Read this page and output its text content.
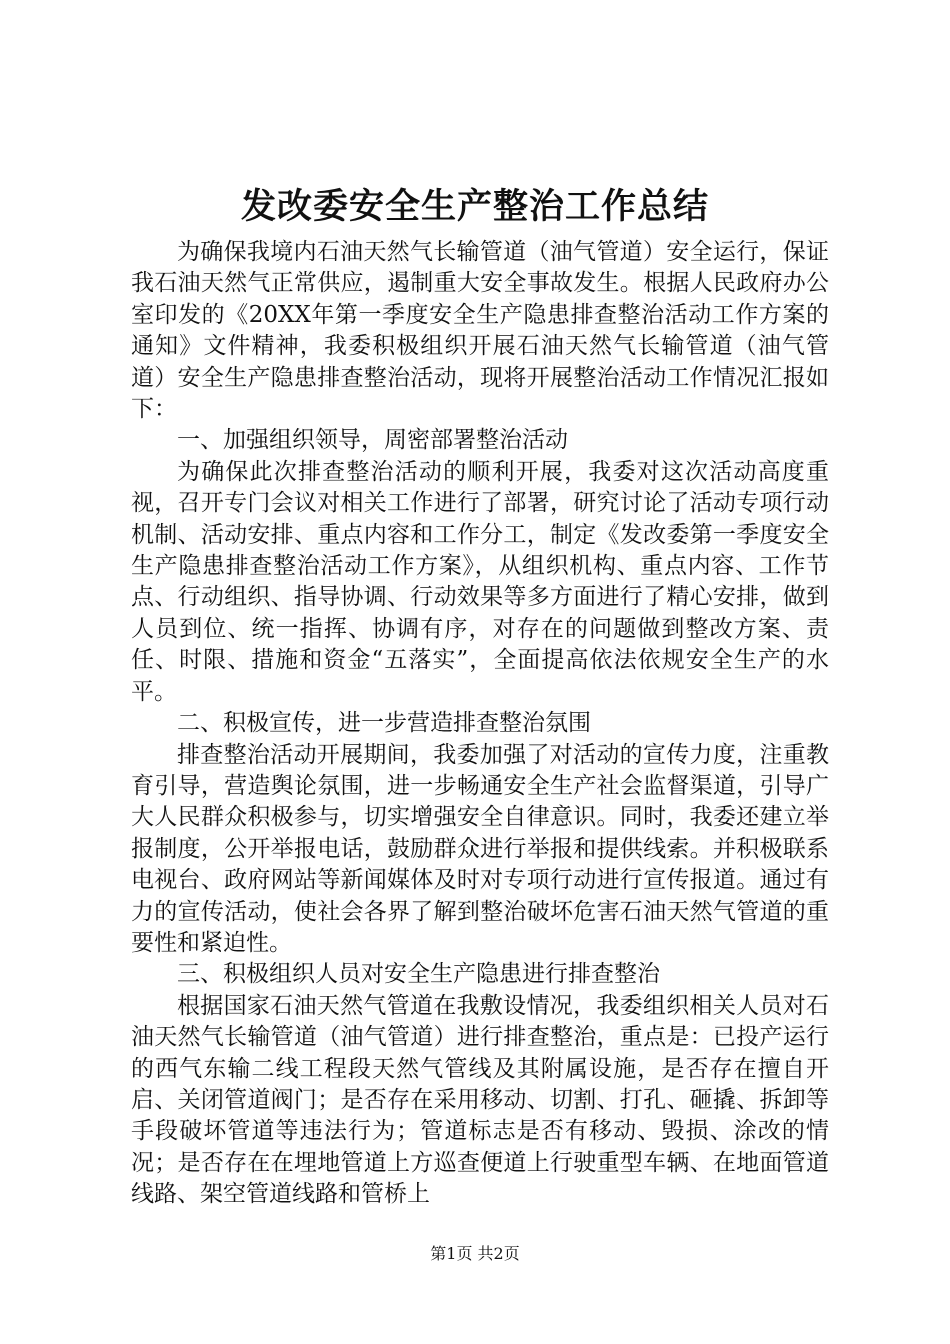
发改委安全生产整治工作总结

为确保我境内石油天然气长输管道（油气管道）安全运行，保证我石油天然气正常供应，遏制重大安全事故发生。根据人民政府办公室印发的《20XX年第一季度安全生产隐患排查整治活动工作方案的通知》文件精神，我委积极组织开展石油天然气长输管道（油气管道）安全生产隐患排查整治活动，现将开展整治活动工作情况汇报如下：

一、加强组织领导，周密部署整治活动

为确保此次排查整治活动的顺利开展，我委对这次活动高度重视，召开专门会议对相关工作进行了部署，研究讨论了活动专项行动机制、活动安排、重点内容和工作分工，制定《发改委第一季度安全生产隐患排查整治活动工作方案》，从组织机构、重点内容、工作节点、行动组织、指导协调、行动效果等多方面进行了精心安排，做到人员到位、统一指挥、协调有序，对存在的问题做到整改方案、责任、时限、措施和资金“五落实”，全面提高依法依规安全生产的水平。

二、积极宣传，进一步营造排查整治氛围

排查整治活动开展期间，我委加强了对活动的宣传力度，注重教育引导，营造舆论氛围，进一步畅通安全生产社会监督渠道，引导广大人民群众积极参与，切实增强安全自律意识。同时，我委还建立举报制度，公开举报电话，鼓励群众进行举报和提供线索。并积极联系电视台、政府网站等新闻媒体及时对专项行动进行宣传报道。通过有力的宣传活动，使社会各界了解到整治破坏危害石油天然气管道的重要性和紧迫性。

三、积极组织人员对安全生产隐患进行排查整治

根据国家石油天然气管道在我敷设情况，我委组织相关人员对石油天然气长输管道（油气管道）进行排查整治，重点是：已投产运行的西气东输二线工程段天然气管线及其附属设施，是否存在擅自开启、关闭管道阀门；是否存在采用移动、切割、打孔、砸撬、拆卸等手段破坏管道等违法行为；管道标志是否有移动、毁损、涂改的情况；是否存在在埋地管道上方巡查便道上行驶重型车辆、在地面管道线路、架空管道线路和管桥上

第1页 共2页
